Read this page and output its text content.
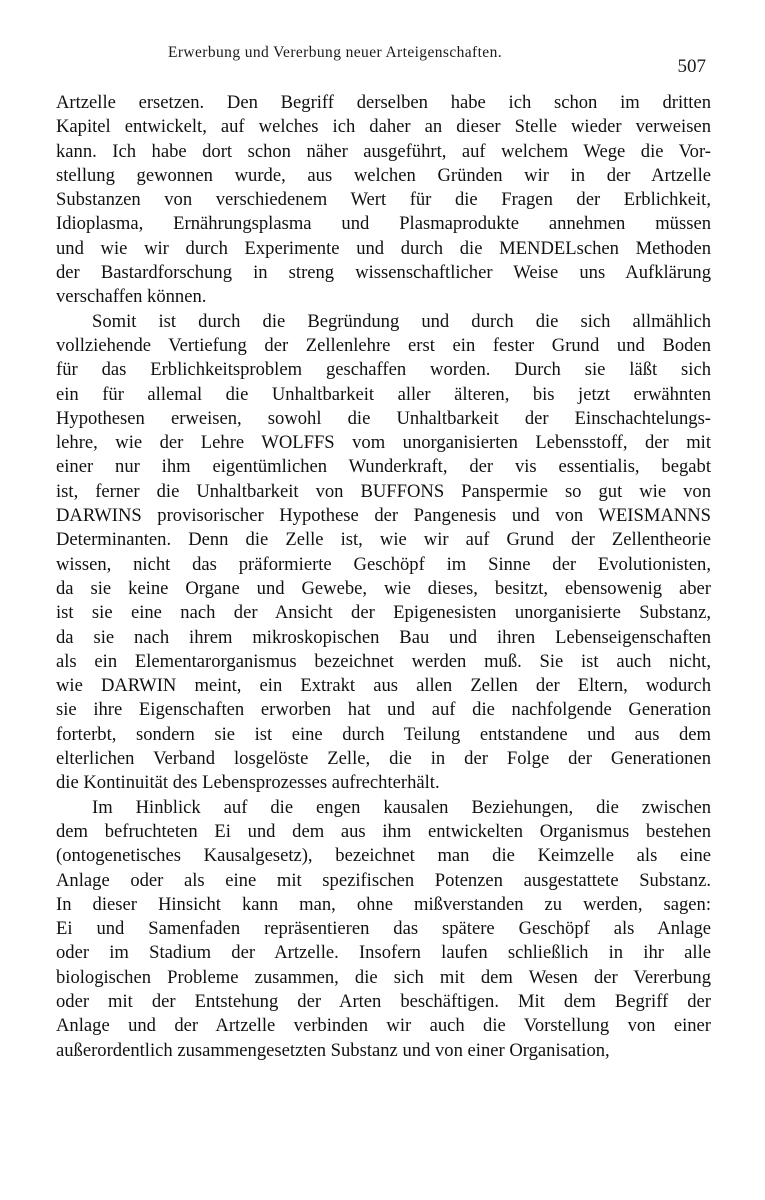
Erwerbung und Vererbung neuer Arteigenschaften.
507
Artzelle ersetzen. Den Begriff derselben habe ich schon im dritten
Kapitel entwickelt, auf welches ich daher an dieser Stelle wieder verweisen
kann. Ich habe dort schon näher ausgeführt, auf welchem Wege die Vor-
stellung gewonnen wurde, aus welchen Gründen wir in der Artzelle
Substanzen von verschiedenem Wert für die Fragen der Erblichkeit,
Idioplasma, Ernährungsplasma und Plasmaprodukte annehmen müssen
und wie wir durch Experimente und durch die MENDELschen Methoden
der Bastardforschung in streng wissenschaftlicher Weise uns Aufklärung
verschaffen können.
Somit ist durch die Begründung und durch die sich allmählich
vollziehende Vertiefung der Zellenlehre erst ein fester Grund und Boden
für das Erblichkeitsproblem geschaffen worden. Durch sie läßt sich
ein für allemal die Unhaltbarkeit aller älteren, bis jetzt erwähnten
Hypothesen erweisen, sowohl die Unhaltbarkeit der Einschachtelungs-
lehre, wie der Lehre WOLFFS vom unorganisierten Lebensstoff, der mit
einer nur ihm eigentümlichen Wunderkraft, der vis essentialis, begabt
ist, ferner die Unhaltbarkeit von BUFFONS Panspermie so gut wie von
DARWINS provisorischer Hypothese der Pangenesis und von WEISMANNS
Determinanten. Denn die Zelle ist, wie wir auf Grund der Zellentheorie
wissen, nicht das präformierte Geschöpf im Sinne der Evolutionisten,
da sie keine Organe und Gewebe, wie dieses, besitzt, ebensowenig aber
ist sie eine nach der Ansicht der Epigenesisten unorganisierte Substanz,
da sie nach ihrem mikroskopischen Bau und ihren Lebenseigenschaften
als ein Elementarorganismus bezeichnet werden muß. Sie ist auch nicht,
wie DARWIN meint, ein Extrakt aus allen Zellen der Eltern, wodurch
sie ihre Eigenschaften erworben hat und auf die nachfolgende Generation
forterbt, sondern sie ist eine durch Teilung entstandene und aus dem
elterlichen Verband losgelöste Zelle, die in der Folge der Generationen
die Kontinuität des Lebensprozesses aufrechterhält.
Im Hinblick auf die engen kausalen Beziehungen, die zwischen
dem befruchteten Ei und dem aus ihm entwickelten Organismus bestehen
(ontogenetisches Kausalgesetz), bezeichnet man die Keimzelle als eine
Anlage oder als eine mit spezifischen Potenzen ausgestattete Substanz.
In dieser Hinsicht kann man, ohne mißverstanden zu werden, sagen:
Ei und Samenfaden repräsentieren das spätere Geschöpf als Anlage
oder im Stadium der Artzelle. Insofern laufen schließlich in ihr alle
biologischen Probleme zusammen, die sich mit dem Wesen der Vererbung
oder mit der Entstehung der Arten beschäftigen. Mit dem Begriff der
Anlage und der Artzelle verbinden wir auch die Vorstellung von einer
außerordentlich zusammengesetzten Substanz und von einer Organisation,
